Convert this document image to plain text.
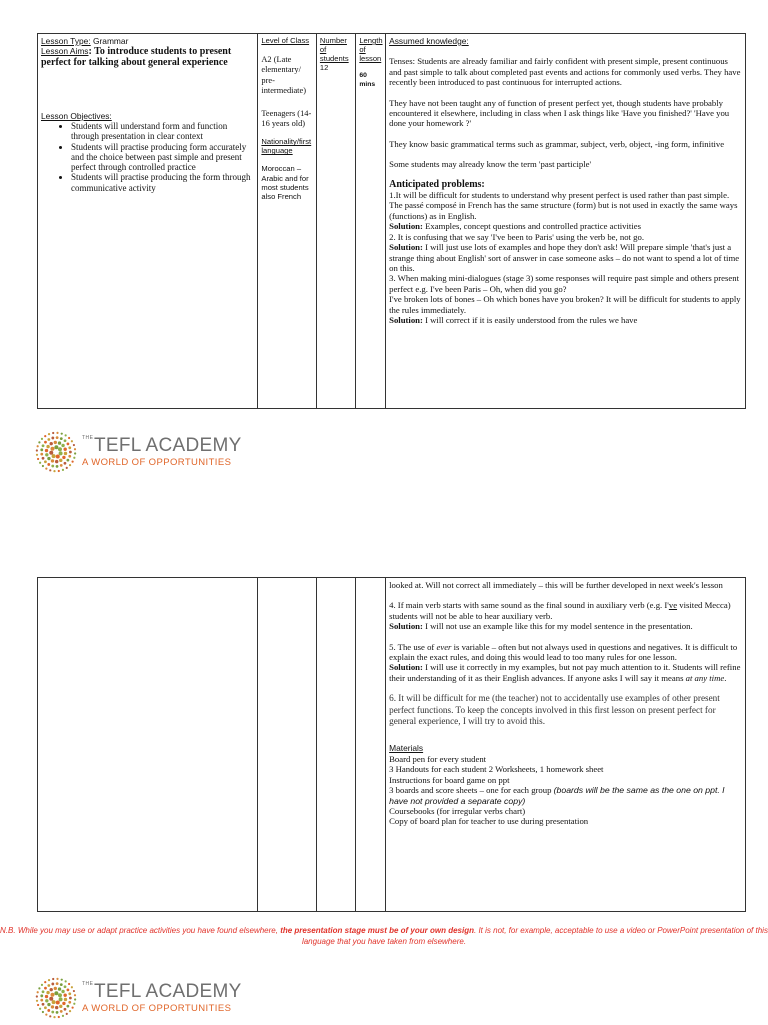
Lesson Type: Grammar
Lesson Aims: To introduce students to present perfect for talking about general experience
Lesson Objectives:
• Students will understand form and function through presentation in clear context
• Students will practise producing form accurately and the choice between past simple and present perfect through controlled practice
• Students will practise producing the form through communicative activity

Level of Class
A2 (Late elementary/ pre-intermediate)
Teenagers (14-16 years old)
Nationality/first language
Moroccan – Arabic and for most students also French

Number of students
12

Length of lesson
60 mins

Assumed knowledge:

Tenses: Students are already familiar and fairly confident with present simple, present continuous and past simple to talk about completed past events and actions for commonly used verbs. They have recently been introduced to past continuous for interrupted actions.

They have not been taught any of function of present perfect yet, though students have probably encountered it elsewhere, including in class when I ask things like 'Have you finished?' 'Have you done your homework ?'

They know basic grammatical terms such as grammar, subject, verb, object, -ing form, infinitive

Some students may already know the term 'past participle'

Anticipated problems:

1.It will be difficult for students to understand why present perfect is used rather than past simple. The passé composé in French has the same structure (form) but is not used in exactly the same ways (functions) as in English.

Solution: Examples, concept questions and controlled practice activities

2. It is confusing that we say 'I've been to Paris' using the verb be, not go.

Solution: I will just use lots of examples and hope they don't ask! Will prepare simple 'that's just a strange thing about English' sort of answer in case someone asks – do not want to spend a lot of time on this.

3. When making mini-dialogues (stage 3) some responses will require past simple and others present perfect e.g. I've been Paris – Oh, when did you go?

I've broken lots of bones – Oh which bones have you broken? It will be difficult for students to apply the rules immediately.

Solution: I will correct if it is easily understood from the rules we have

THE TEFL ACADEMY
A WORLD OF OPPORTUNITIES

looked at. Will not correct all immediately – this will be further developed in next week's lesson

4. If main verb starts with same sound as the final sound in auxiliary verb (e.g. I've visited Mecca) students will not be able to hear auxiliary verb.

Solution: I will not use an example like this for my model sentence in the presentation.

5. The use of ever is variable – often but not always used in questions and negatives. It is difficult to explain the exact rules, and doing this would lead to too many rules for one lesson.

Solution: I will use it correctly in my examples, but not pay much attention to it. Students will refine their understanding of it as their English advances. If anyone asks I will say it means at any time.

6. It will be difficult for me (the teacher) not to accidentally use examples of other present perfect functions. To keep the concepts involved in this first lesson on present perfect for general experience, I will try to avoid this.

Materials

Board pen for every student

3 Handouts for each student 2 Worksheets, 1 homework sheet

Instructions for board game on ppt

3 boards and score sheets – one for each group (boards will be the same as the one on ppt. I have not provided a separate copy)

Coursebooks (for irregular verbs chart)

Copy of board plan for teacher to use during presentation

N.B. While you may use or adapt practice activities you have found elsewhere, the presentation stage must be of your own design. It is not, for example, acceptable to use a video or PowerPoint presentation of this language that you have taken from elsewhere.
THE TEFL ACADEMY
A WORLD OF OPPORTUNITIES
